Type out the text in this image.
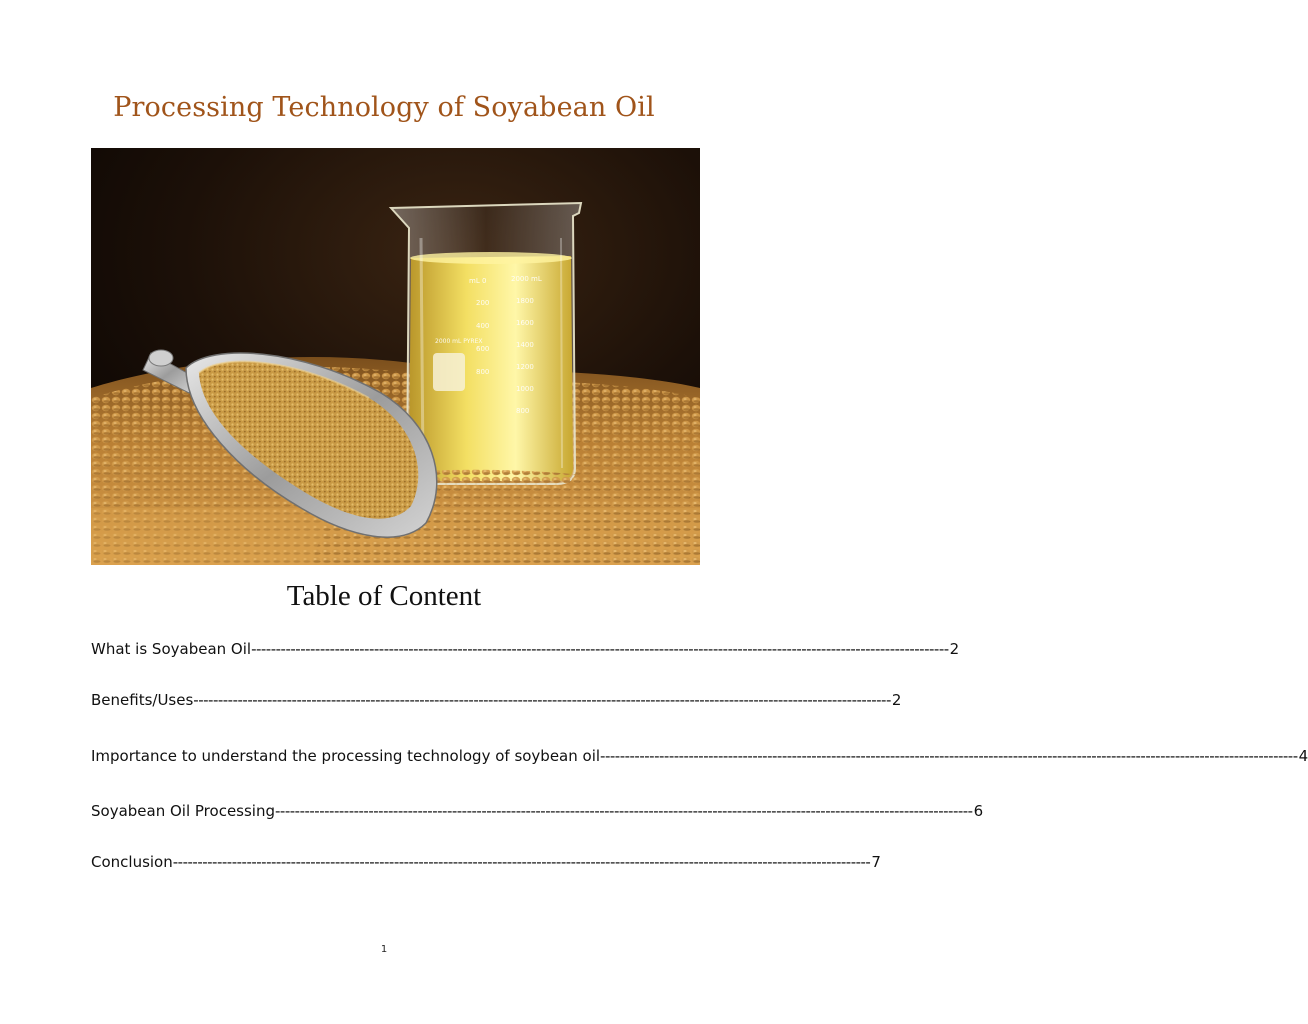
Processing Technology of Soyabean Oil
mL 0	2000 mL
200
400
600
800
1800
1600
1400
1200
1000
800
2000 mL PYREX
Table of Content
What is Soyabean Oil ---------------------------------------------------------------------------------------------------------------------------------------------- 2
Benefits/Uses ---------------------------------------------------------------------------------------------------------------------------------------------- 2
Importance to understand the processing technology of soybean oil ---------------------------------------------------------------------------------------------------------------------------------------------- 4
Soyabean Oil Processing ---------------------------------------------------------------------------------------------------------------------------------------------- 6
Conclusion ---------------------------------------------------------------------------------------------------------------------------------------------- 7
1
